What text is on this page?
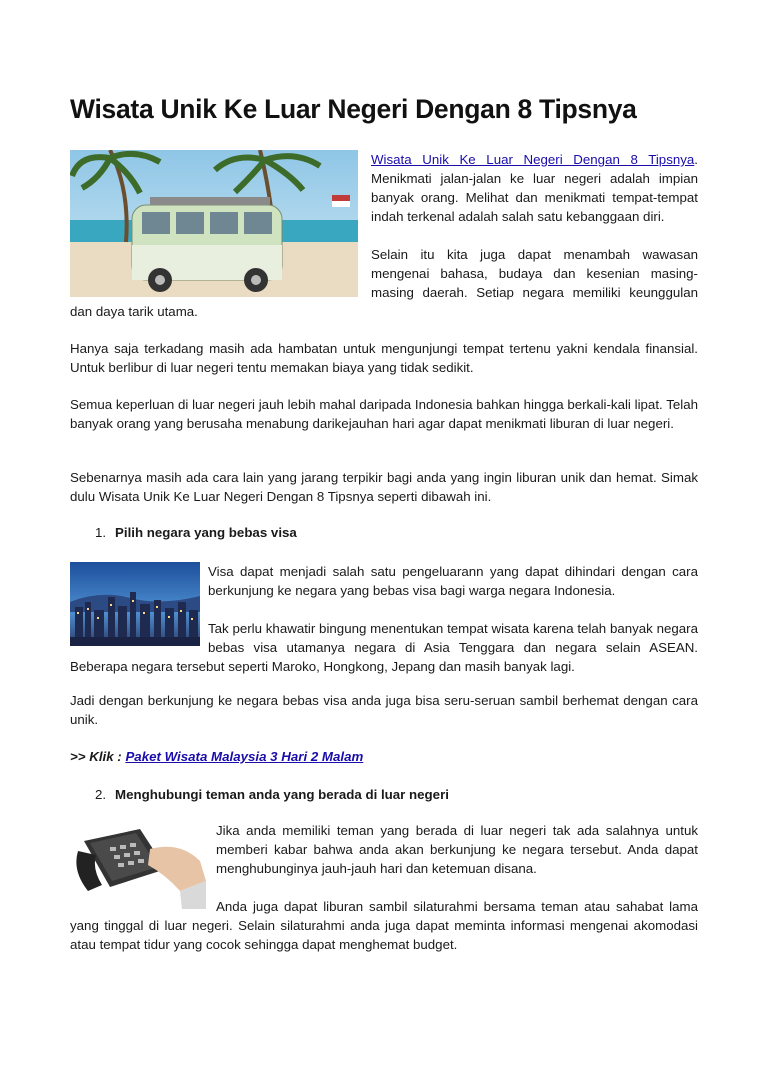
Wisata Unik Ke Luar Negeri Dengan 8 Tipsnya

Wisata Unik Ke Luar Negeri Dengan 8 Tipsnya. Menikmati jalan-jalan ke luar negeri adalah impian banyak orang. Melihat dan menikmati tempat-tempat indah terkenal adalah salah satu kebanggaan diri.

Selain itu kita juga dapat menambah wawasan mengenai bahasa, budaya dan kesenian masing-masing daerah. Setiap negara memiliki keunggulan dan daya tarik utama.

Hanya saja terkadang masih ada hambatan untuk mengunjungi tempat tertenu yakni kendala finansial. Untuk berlibur di luar negeri tentu memakan biaya yang tidak sedikit.

Semua keperluan di luar negeri jauh lebih mahal daripada Indonesia bahkan hingga berkali-kali lipat. Telah banyak orang yang berusaha menabung darikejauhan hari agar dapat menikmati liburan di luar negeri.

Sebenarnya masih ada cara lain yang jarang terpikir bagi anda yang ingin liburan unik dan hemat. Simak dulu Wisata Unik Ke Luar Negeri Dengan 8 Tipsnya seperti dibawah ini.

1. Pilih negara yang bebas visa

Visa dapat menjadi salah satu pengeluarann yang dapat dihindari dengan cara berkunjung ke negara yang bebas visa bagi warga negara Indonesia.

Tak perlu khawatir bingung menentukan tempat wisata karena telah banyak negara bebas visa utamanya negara di Asia Tenggara dan negara selain ASEAN. Beberapa negara tersebut seperti Maroko, Hongkong, Jepang dan masih banyak lagi.

Jadi dengan berkunjung ke negara bebas visa anda juga bisa seru-seruan sambil berhemat dengan cara unik.

>> Klik : Paket Wisata Malaysia 3 Hari 2 Malam
2. Menghubungi teman anda yang berada di luar negeri

Jika anda memiliki teman yang berada di luar negeri tak ada salahnya untuk memberi kabar bahwa anda akan berkunjung ke negara tersebut. Anda dapat menghubunginya jauh-jauh hari dan ketemuan disana.

Anda juga dapat liburan sambil silaturahmi bersama teman atau sahabat lama yang tinggal di luar negeri. Selain silaturahmi anda juga dapat meminta informasi mengenai akomodasi atau tempat tidur yang cocok sehingga dapat menghemat budget.
